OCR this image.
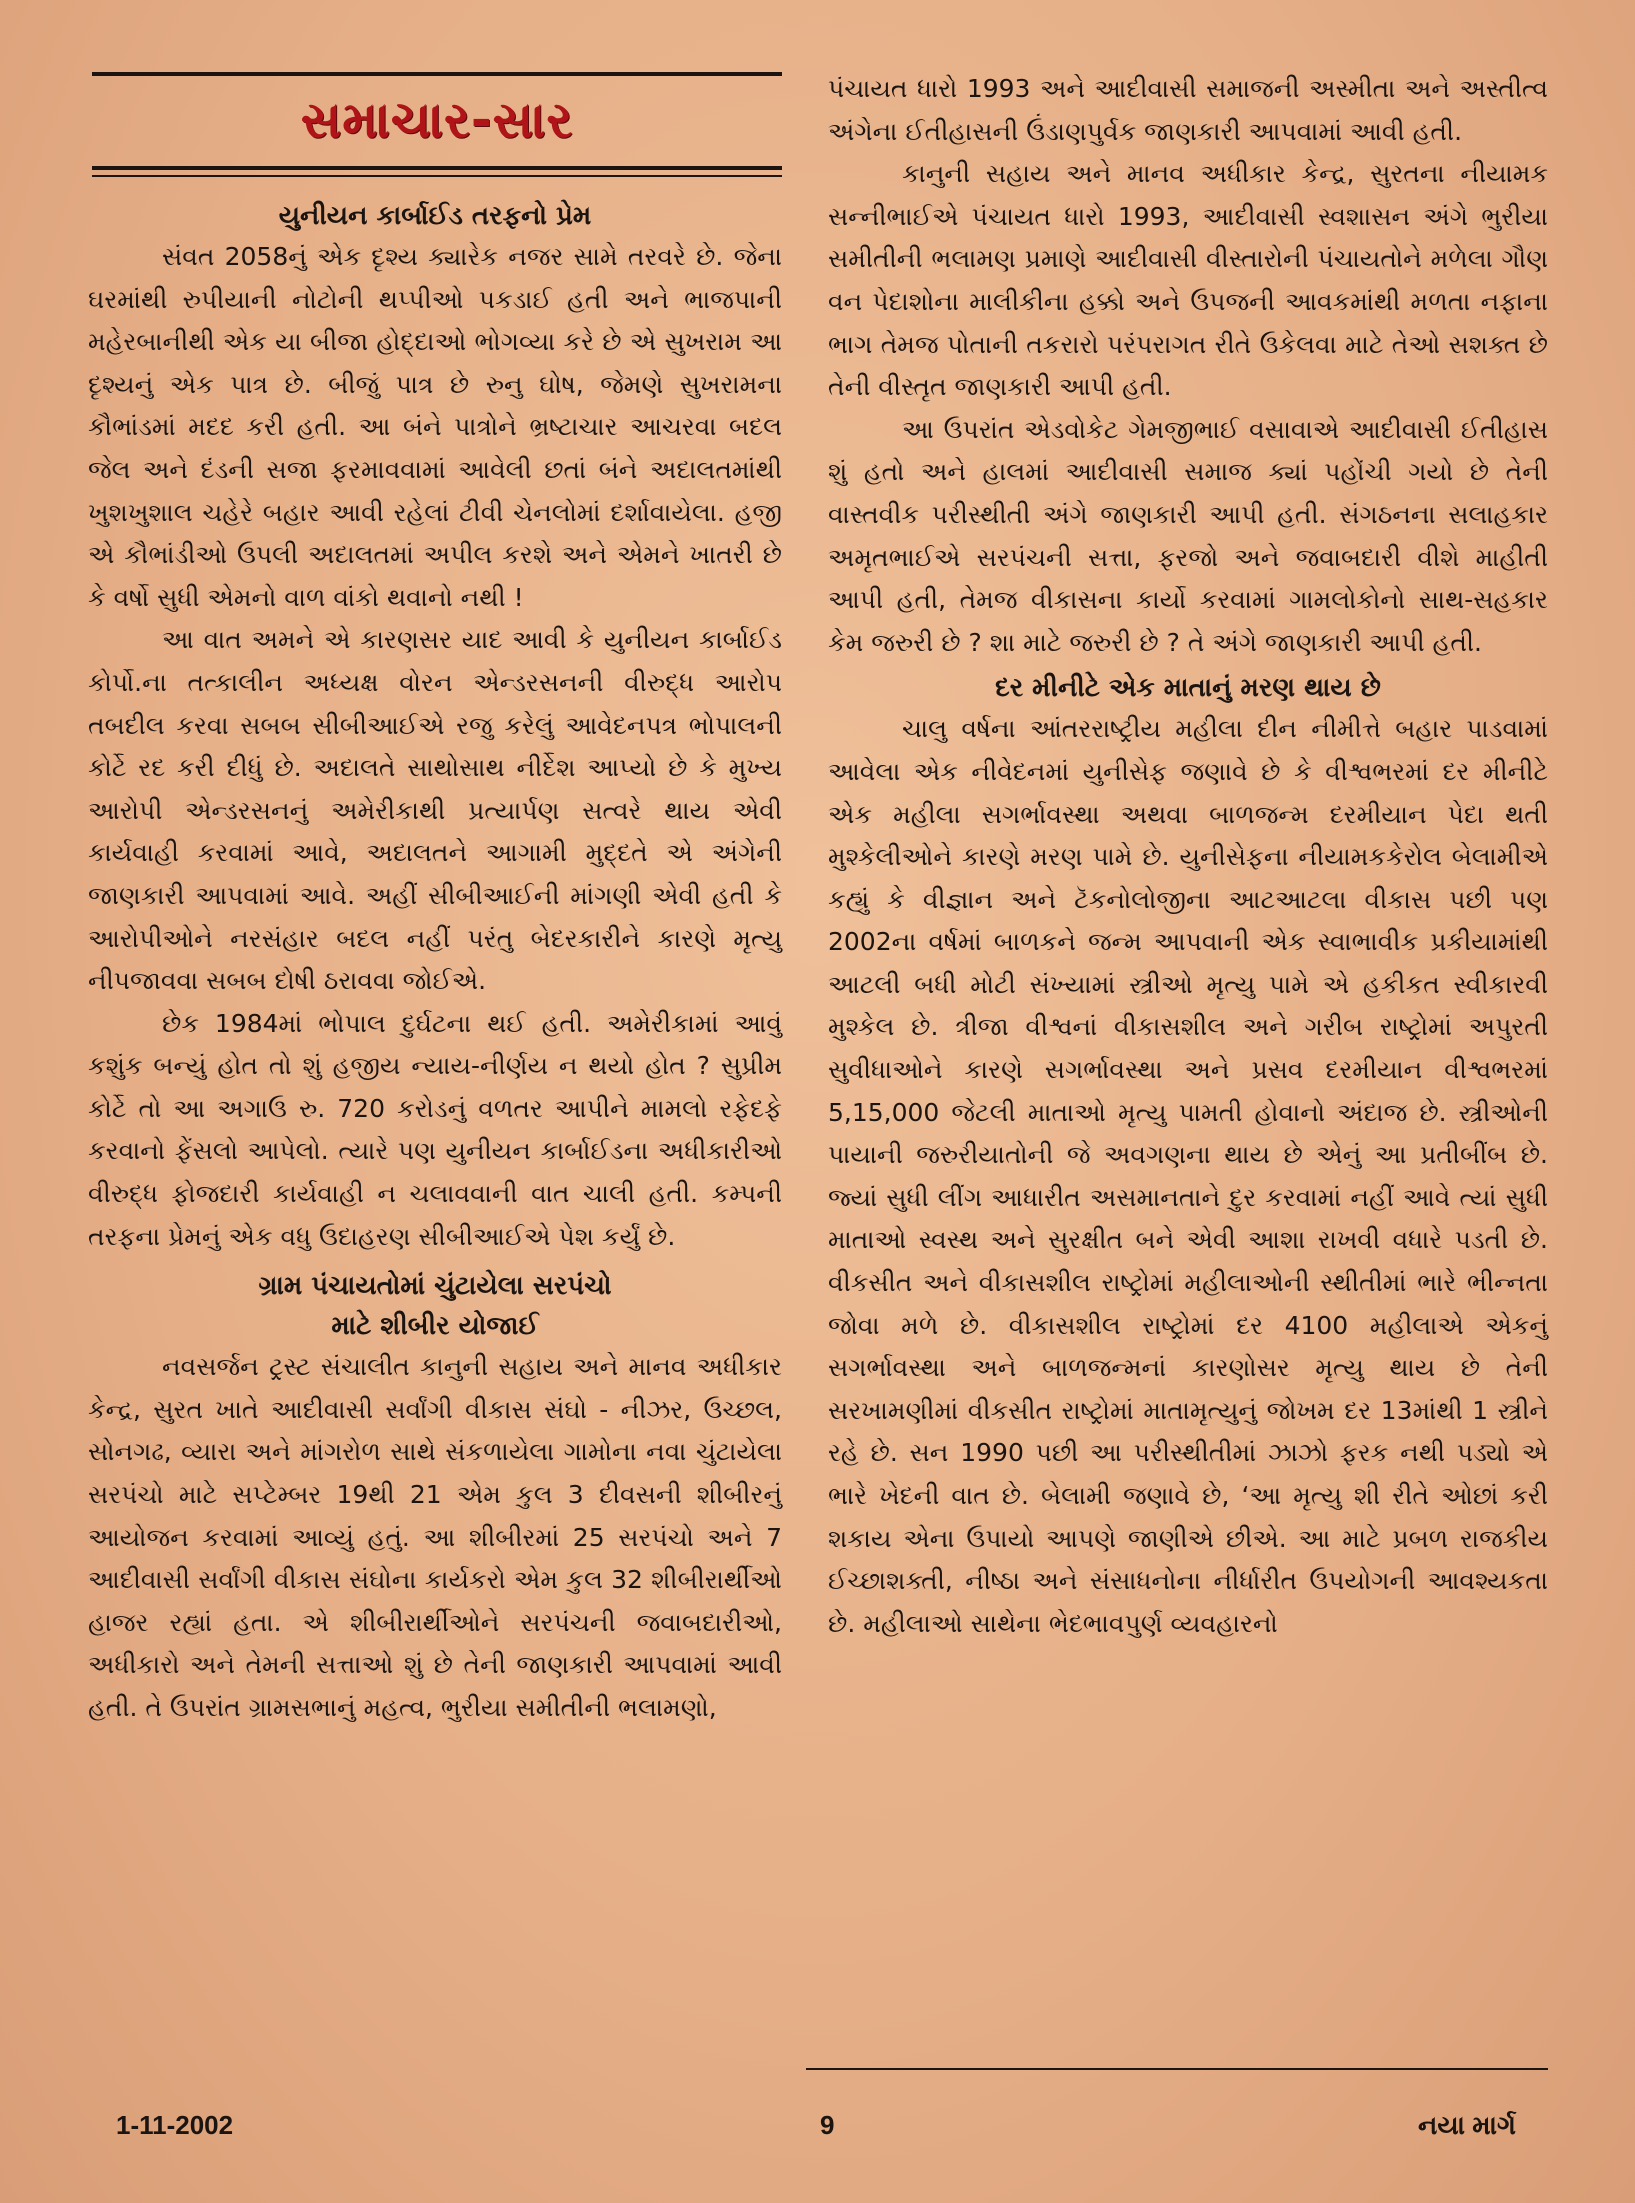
સમાચાર-સાર
યુનીયન કાર્બાઈડ તરફનો પ્રેમ

સંવત 2058નું એક દૃશ્ય ક્યારેક નજર સામે તરવરે છે. જેના ઘરમાંથી રુપીયાની નોટોની થપ્પીઓ પકડાઈ હતી અને ભાજપાની મહેરબાનીથી એક યા બીજા હોદ્દાઓ ભોગવ્યા કરે છે એ સુખરામ આ દૃશ્યનું એક પાત્ર છે. બીજું પાત્ર છે રુનુ ઘોષ, જેમણે સુખરામના કૌભાંડમાં મદદ કરી હતી. આ બંને પાત્રોને ભ્રષ્ટાચાર આચરવા બદલ જેલ અને દંડની સજા ફરમાવવામાં આવેલી છતાં બંને અદાલતમાંથી ખુશખુશાલ ચહેરે બહાર આવી રહેલાં ટીવી ચેનલોમાં દર્શાવાયેલા. હજી એ કૌભાંડીઓ ઉપલી અદાલતમાં અપીલ કરશે અને એમને ખાતરી છે કે વર્ષો સુધી એમનો વાળ વાંકો થવાનો નથી !

આ વાત અમને એ કારણસર યાદ આવી કે યુનીયન કાર્બાઈડ કોર્પો.ના તત્કાલીન અધ્યક્ષ વોરન એન્ડરસનની વીરુદ્ધ આરોપ તબદીલ કરવા સબબ સીબીઆઈએ રજુ કરેલું આવેદનપત્ર ભોપાલની કોર્ટે રદ કરી દીધું છે. અદાલતે સાથોસાથ નીર્દેશ આપ્યો છે કે મુખ્ય આરોપી એન્ડરસનનું અમેરીકાથી પ્રત્યાર્પણ સત્વરે થાય એવી કાર્યવાહી કરવામાં આવે, અદાલતને આગામી મુદ્દતે એ અંગેની જાણકારી આપવામાં આવે. અહીં સીબીઆઈની માંગણી એવી હતી કે આરોપીઓને નરસંહાર બદલ નહીં પરંતુ બેદરકારીને કારણે મૃત્યુ નીપજાવવા સબબ દોષી ઠરાવવા જોઈએ.

છેક 1984માં ભોપાલ દુર્ઘટના થઈ હતી. અમેરીકામાં આવું કશુંક બન્યું હોત તો શું હજીય ન્યાય-નીર્ણય ન થયો હોત ? સુપ્રીમ કોર્ટે તો આ અગાઉ રુ. 720 કરોડનું વળતર આપીને મામલો રફેદફે કરવાનો ફેંસલો આપેલો. ત્યારે પણ યુનીયન કાર્બાઈડના અધીકારીઓ વીરુદ્ધ ફોજદારી કાર્યવાહી ન ચલાવવાની વાત ચાલી હતી. કમ્પની તરફના પ્રેમનું એક વધુ ઉદાહરણ સીબીઆઈએ પેશ કર્યું છે.

ગ્રામ પંચાયતોમાં ચુંટાયેલા સરપંચો
માટે શીબીર યોજાઈ

નવસર્જન ટ્રસ્ટ સંચાલીત કાનુની સહાય અને માનવ અધીકાર કેન્દ્ર, સુરત ખાતે આદીવાસી સર્વાંગી વીકાસ સંઘો - નીઝર, ઉચ્છલ, સોનગઢ, વ્યારા અને માંગરોળ સાથે સંકળાયેલા ગામોના નવા ચુંટાયેલા સરપંચો માટે સપ્ટેમ્બર 19થી 21 એમ કુલ 3 દીવસની શીબીરનું આયોજન કરવામાં આવ્યું હતું. આ શીબીરમાં 25 સરપંચો અને 7 આદીવાસી સર્વાંગી વીકાસ સંઘોના કાર્યકરો એમ કુલ 32 શીબીરાર્થીઓ હાજર રહ્યાં હતા. એ શીબીરાર્થીઓને સરપંચની જવાબદારીઓ, અધીકારો અને તેમની સત્તાઓ શું છે તેની જાણકારી આપવામાં આવી હતી. તે ઉપરાંત ગ્રામસભાનું મહત્વ, ભુરીયા સમીતીની ભલામણો,

પંચાયત ધારો 1993 અને આદીવાસી સમાજની અસ્મીતા અને અસ્તીત્વ અંગેના ઈતીહાસની ઉંડાણપુર્વક જાણકારી આપવામાં આવી હતી.

કાનુની સહાય અને માનવ અધીકાર કેન્દ્ર, સુરતના નીયામક સન્નીભાઈએ પંચાયત ધારો 1993, આદીવાસી સ્વશાસન અંગે ભુરીયા સમીતીની ભલામણ પ્રમાણે આદીવાસી વીસ્તારોની પંચાયતોને મળેલા ગૌણ વન પેદાશોના માલીકીના હક્કો અને ઉપજની આવકમાંથી મળતા નફાના ભાગ તેમજ પોતાની તકરારો પરંપરાગત રીતે ઉકેલવા માટે તેઓ સશક્ત છે તેની વીસ્તૃત જાણકારી આપી હતી.

આ ઉપરાંત એડવોકેટ ગેમજીભાઈ વસાવાએ આદીવાસી ઈતીહાસ શું હતો અને હાલમાં આદીવાસી સમાજ ક્યાં પહોંચી ગયો છે તેની વાસ્તવીક પરીસ્થીતી અંગે જાણકારી આપી હતી. સંગઠનના સલાહકાર અમૃતભાઈએ સરપંચની સત્તા, ફરજો અને જવાબદારી વીશે માહીતી આપી હતી, તેમજ વીકાસના કાર્યો કરવામાં ગામલોકોનો સાથ-સહકાર કેમ જરુરી છે ? શા માટે જરુરી છે ? તે અંગે જાણકારી આપી હતી.

દર મીનીટે એક માતાનું મરણ થાય છે

ચાલુ વર્ષના આંતરરાષ્ટ્રીય મહીલા દીન નીમીત્તે બહાર પાડવામાં આવેલા એક નીવેદનમાં યુનીસેફ જણાવે છે કે વીશ્વભરમાં દર મીનીટે એક મહીલા સગર્ભાવસ્થા અથવા બાળજન્મ દરમીયાન પેદા થતી મુશ્કેલીઓને કારણે મરણ પામે છે. યુનીસેફના નીયામકકેરોલ બેલામીએ કહ્યું કે વીજ્ઞાન અને ટૅકનોલોજીના આટઆટલા વીકાસ પછી પણ 2002ના વર્ષમાં બાળકને જન્મ આપવાની એક સ્વાભાવીક પ્રકીયામાંથી આટલી બધી મોટી સંખ્યામાં સ્ત્રીઓ મૃત્યુ પામે એ હકીકત સ્વીકારવી મુશ્કેલ છે. ત્રીજા વીશ્વનાં વીકાસશીલ અને ગરીબ રાષ્ટ્રોમાં અપુરતી સુવીધાઓને કારણે સગર્ભાવસ્થા અને પ્રસવ દરમીયાન વીશ્વભરમાં 5,15,000 જેટલી માતાઓ મૃત્યુ પામતી હોવાનો અંદાજ છે. સ્ત્રીઓની પાયાની જરુરીયાતોની જે અવગણના થાય છે એનું આ પ્રતીબીંબ છે. જ્યાં સુધી લીંગ આધારીત અસમાનતાને દુર કરવામાં નહીં આવે ત્યાં સુધી માતાઓ સ્વસ્થ અને સુરક્ષીત બને એવી આશા રાખવી વધારે પડતી છે. વીકસીત અને વીકાસશીલ રાષ્ટ્રોમાં મહીલાઓની સ્થીતીમાં ભારે ભીન્નતા જોવા મળે છે. વીકાસશીલ રાષ્ટ્રોમાં દર 4100 મહીલાએ એકનું સગર્ભાવસ્થા અને બાળજન્મનાં કારણોસર મૃત્યુ થાય છે તેની સરખામણીમાં વીકસીત રાષ્ટ્રોમાં માતામૃત્યુનું જોખમ દર 13માંથી 1 સ્ત્રીને રહે છે. સન 1990 પછી આ પરીસ્થીતીમાં ઝાઝો ફરક નથી પડ્યો એ ભારે ખેદની વાત છે. બેલામી જણાવે છે, ‘આ મૃત્યુ શી રીતે ઓછાં કરી શકાય એના ઉપાયો આપણે જાણીએ છીએ. આ માટે પ્રબળ રાજકીય ઈચ્છાશક્તી, નીષ્ઠા અને સંસાધનોના નીર્ધારીત ઉપયોગની આવશ્યકતા છે. મહીલાઓ સાથેના ભેદભાવપુર્ણ વ્યવહારનો

1-11-2002	9	નયા માર્ગ
